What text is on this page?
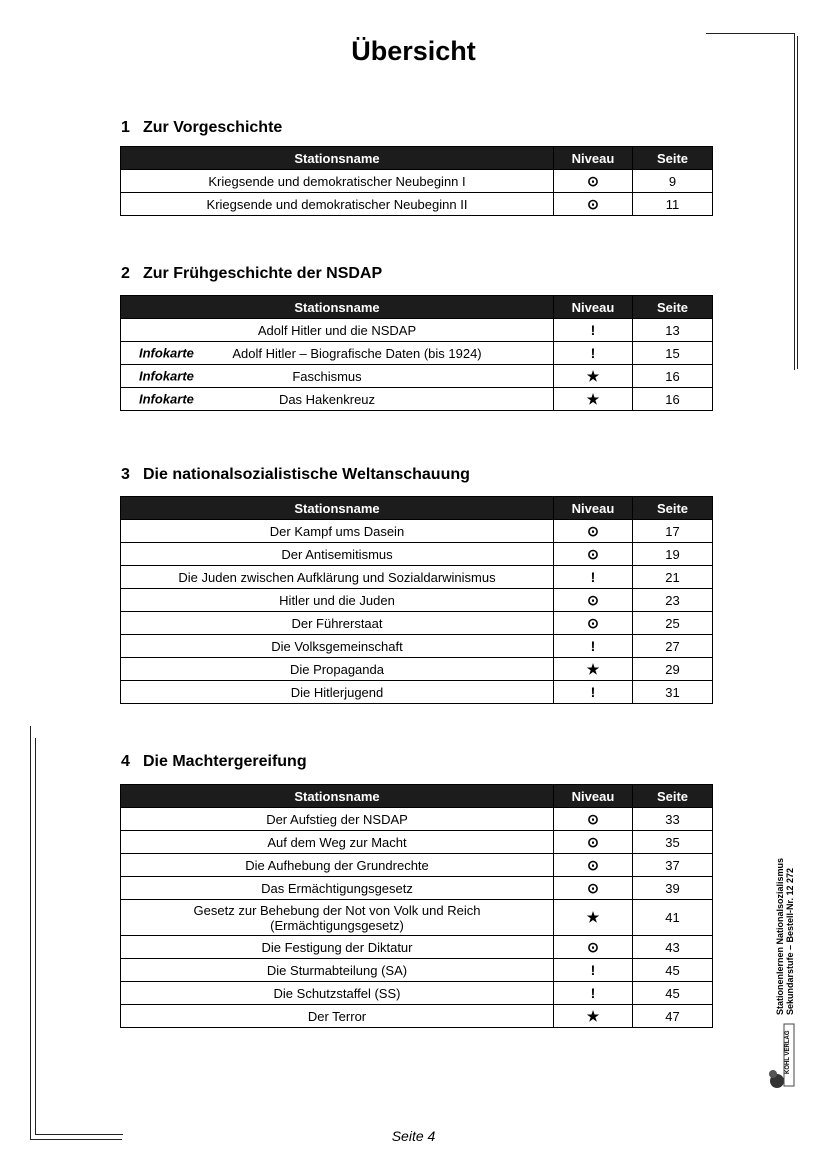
Übersicht
1 Zur Vorgeschichte
2 Zur Frühgeschichte der NSDAP
3 Die nationalsozialistische Weltanschauung
4 Die Machtergereifung
Stationsname	Niveau	Seite

Kriegsende und demokratischer Neubeginn I	⊙	9

Kriegsende und demokratischer Neubeginn II	⊙	11
Stationsname	Niveau	Seite

Adolf Hitler und die NSDAP	!	13

Infokarte Adolf Hitler – Biografische Daten (bis 1924)	!	15

Infokarte Faschismus	★	16

Infokarte Das Hakenkreuz	★	16
Stationsname	Niveau	Seite

Der Kampf ums Dasein	⊙	17

Der Antisemitismus	⊙	19

Die Juden zwischen Aufklärung und Sozialdarwinismus	!	21

Hitler und die Juden	⊙	23

Der Führerstaat	⊙	25

Die Volksgemeinschaft	!	27

Die Propaganda	★	29

Die Hitlerjugend	!	31
Stationsname	Niveau	Seite

Der Aufstieg der NSDAP	⊙	33

Auf dem Weg zur Macht	⊙	35

Die Aufhebung der Grundrechte	⊙	37

Das Ermächtigungsgesetz	⊙	39

Gesetz zur Behebung der Not von Volk und Reich
(Ermächtigungsgesetz)	★	41

Die Festigung der Diktatur	⊙	43

Die Sturmabteilung (SA)	!	45

Die Schutzstaffel (SS)	!	45

Der Terror	★	47
Stationenlernen Nationalsozialismus Sekundarstufe – Bestell-Nr. 12 272
KOHL VERLAG
Seite 4
